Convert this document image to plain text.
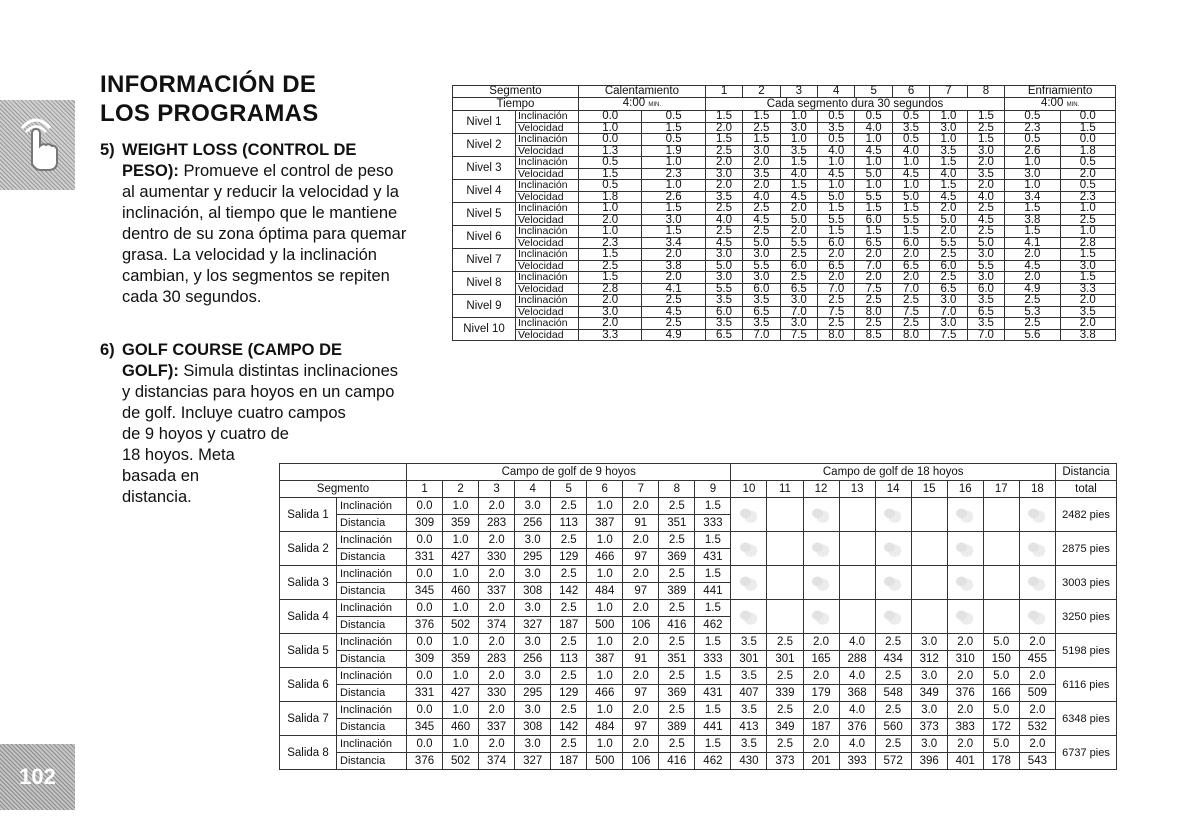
102
INFORMACIÓN DE
LOS PROGRAMAS
5) WEIGHT LOSS (CONTROL DE
PESO): Promueve el control de peso
al aumentar y reducir la velocidad y la
inclinación, al tiempo que le mantiene
dentro de su zona óptima para quemar
grasa. La velocidad y la inclinación
cambian, y los segmentos se repiten
cada 30 segundos.

6) GOLF COURSE (CAMPO DE
GOLF): Simula distintas inclinaciones
y distancias para hoyos en un campo
de golf. Incluye cuatro campos
de 9 hoyos y cuatro de
18 hoyos. Meta
basada en
distancia.

Segmento		Calentamiento		1	2	3	4	5	6	7	8	Enfriamiento	
Tiempo		4:00 MIN.		Cada segmento dura 30 segundos								4:00 MIN.	
Nivel 1	Inclinación	0.0	0.5	1.5	1.5	1.0	0.5	0.5	0.5	1.0	1.5	0.5	0.0
	Velocidad	1.0	1.5	2.0	2.5	3.0	3.5	4.0	3.5	3.0	2.5	2.3	1.5
Nivel 2	Inclinación	0.0	0.5	1.5	1.5	1.0	0.5	1.0	0.5	1.0	1.5	0.5	0.0
	Velocidad	1.3	1.9	2.5	3.0	3.5	4.0	4.5	4.0	3.5	3.0	2.6	1.8
Nivel 3	Inclinación	0.5	1.0	2.0	2.0	1.5	1.0	1.0	1.0	1.5	2.0	1.0	0.5
	Velocidad	1.5	2.3	3.0	3.5	4.0	4.5	5.0	4.5	4.0	3.5	3.0	2.0
Nivel 4	Inclinación	0.5	1.0	2.0	2.0	1.5	1.0	1.0	1.0	1.5	2.0	1.0	0.5
	Velocidad	1.8	2.6	3.5	4.0	4.5	5.0	5.5	5.0	4.5	4.0	3.4	2.3
Nivel 5	Inclinación	1.0	1.5	2.5	2.5	2.0	1.5	1.5	1.5	2.0	2.5	1.5	1.0
	Velocidad	2.0	3.0	4.0	4.5	5.0	5.5	6.0	5.5	5.0	4.5	3.8	2.5
Nivel 6	Inclinación	1.0	1.5	2.5	2.5	2.0	1.5	1.5	1.5	2.0	2.5	1.5	1.0
	Velocidad	2.3	3.4	4.5	5.0	5.5	6.0	6.5	6.0	5.5	5.0	4.1	2.8
Nivel 7	Inclinación	1.5	2.0	3.0	3.0	2.5	2.0	2.0	2.0	2.5	3.0	2.0	1.5
	Velocidad	2.5	3.8	5.0	5.5	6.0	6.5	7.0	6.5	6.0	5.5	4.5	3.0
Nivel 8	Inclinación	1.5	2.0	3.0	3.0	2.5	2.0	2.0	2.0	2.5	3.0	2.0	1.5
	Velocidad	2.8	4.1	5.5	6.0	6.5	7.0	7.5	7.0	6.5	6.0	4.9	3.3
Nivel 9	Inclinación	2.0	2.5	3.5	3.5	3.0	2.5	2.5	2.5	3.0	3.5	2.5	2.0
	Velocidad	3.0	4.5	6.0	6.5	7.0	7.5	8.0	7.5	7.0	6.5	5.3	3.5
Nivel 10	Inclinación	2.0	2.5	3.5	3.5	3.0	2.5	2.5	2.5	3.0	3.5	2.5	2.0
	Velocidad	3.3	4.9	6.5	7.0	7.5	8.0	8.5	8.0	7.5	7.0	5.6	3.8
		Campo de golf de 9 hoyos									Campo de golf de 18 hoyos									Distancia
Segmento		1	2	3	4	5	6	7	8	9	10	11	12	13	14	15	16	17	18	total
Salida 1	Inclinación	0.0	1.0	2.0	3.0	2.5	1.0	2.0	2.5	1.5										2482 pies
	Distancia	309	359	283	256	113	387	91	351	333										
Salida 2	Inclinación	0.0	1.0	2.0	3.0	2.5	1.0	2.0	2.5	1.5										2875 pies
	Distancia	331	427	330	295	129	466	97	369	431										
Salida 3	Inclinación	0.0	1.0	2.0	3.0	2.5	1.0	2.0	2.5	1.5										3003 pies
	Distancia	345	460	337	308	142	484	97	389	441										
Salida 4	Inclinación	0.0	1.0	2.0	3.0	2.5	1.0	2.0	2.5	1.5										3250 pies
	Distancia	376	502	374	327	187	500	106	416	462										
Salida 5	Inclinación	0.0	1.0	2.0	3.0	2.5	1.0	2.0	2.5	1.5	3.5	2.5	2.0	4.0	2.5	3.0	2.0	5.0	2.0	5198 pies
	Distancia	309	359	283	256	113	387	91	351	333	301	301	165	288	434	312	310	150	455	
Salida 6	Inclinación	0.0	1.0	2.0	3.0	2.5	1.0	2.0	2.5	1.5	3.5	2.5	2.0	4.0	2.5	3.0	2.0	5.0	2.0	6116 pies
	Distancia	331	427	330	295	129	466	97	369	431	407	339	179	368	548	349	376	166	509	
Salida 7	Inclinación	0.0	1.0	2.0	3.0	2.5	1.0	2.0	2.5	1.5	3.5	2.5	2.0	4.0	2.5	3.0	2.0	5.0	2.0	6348 pies
	Distancia	345	460	337	308	142	484	97	389	441	413	349	187	376	560	373	383	172	532	
Salida 8	Inclinación	0.0	1.0	2.0	3.0	2.5	1.0	2.0	2.5	1.5	3.5	2.5	2.0	4.0	2.5	3.0	2.0	5.0	2.0	6737 pies
	Distancia	376	502	374	327	187	500	106	416	462	430	373	201	393	572	396	401	178	543	
